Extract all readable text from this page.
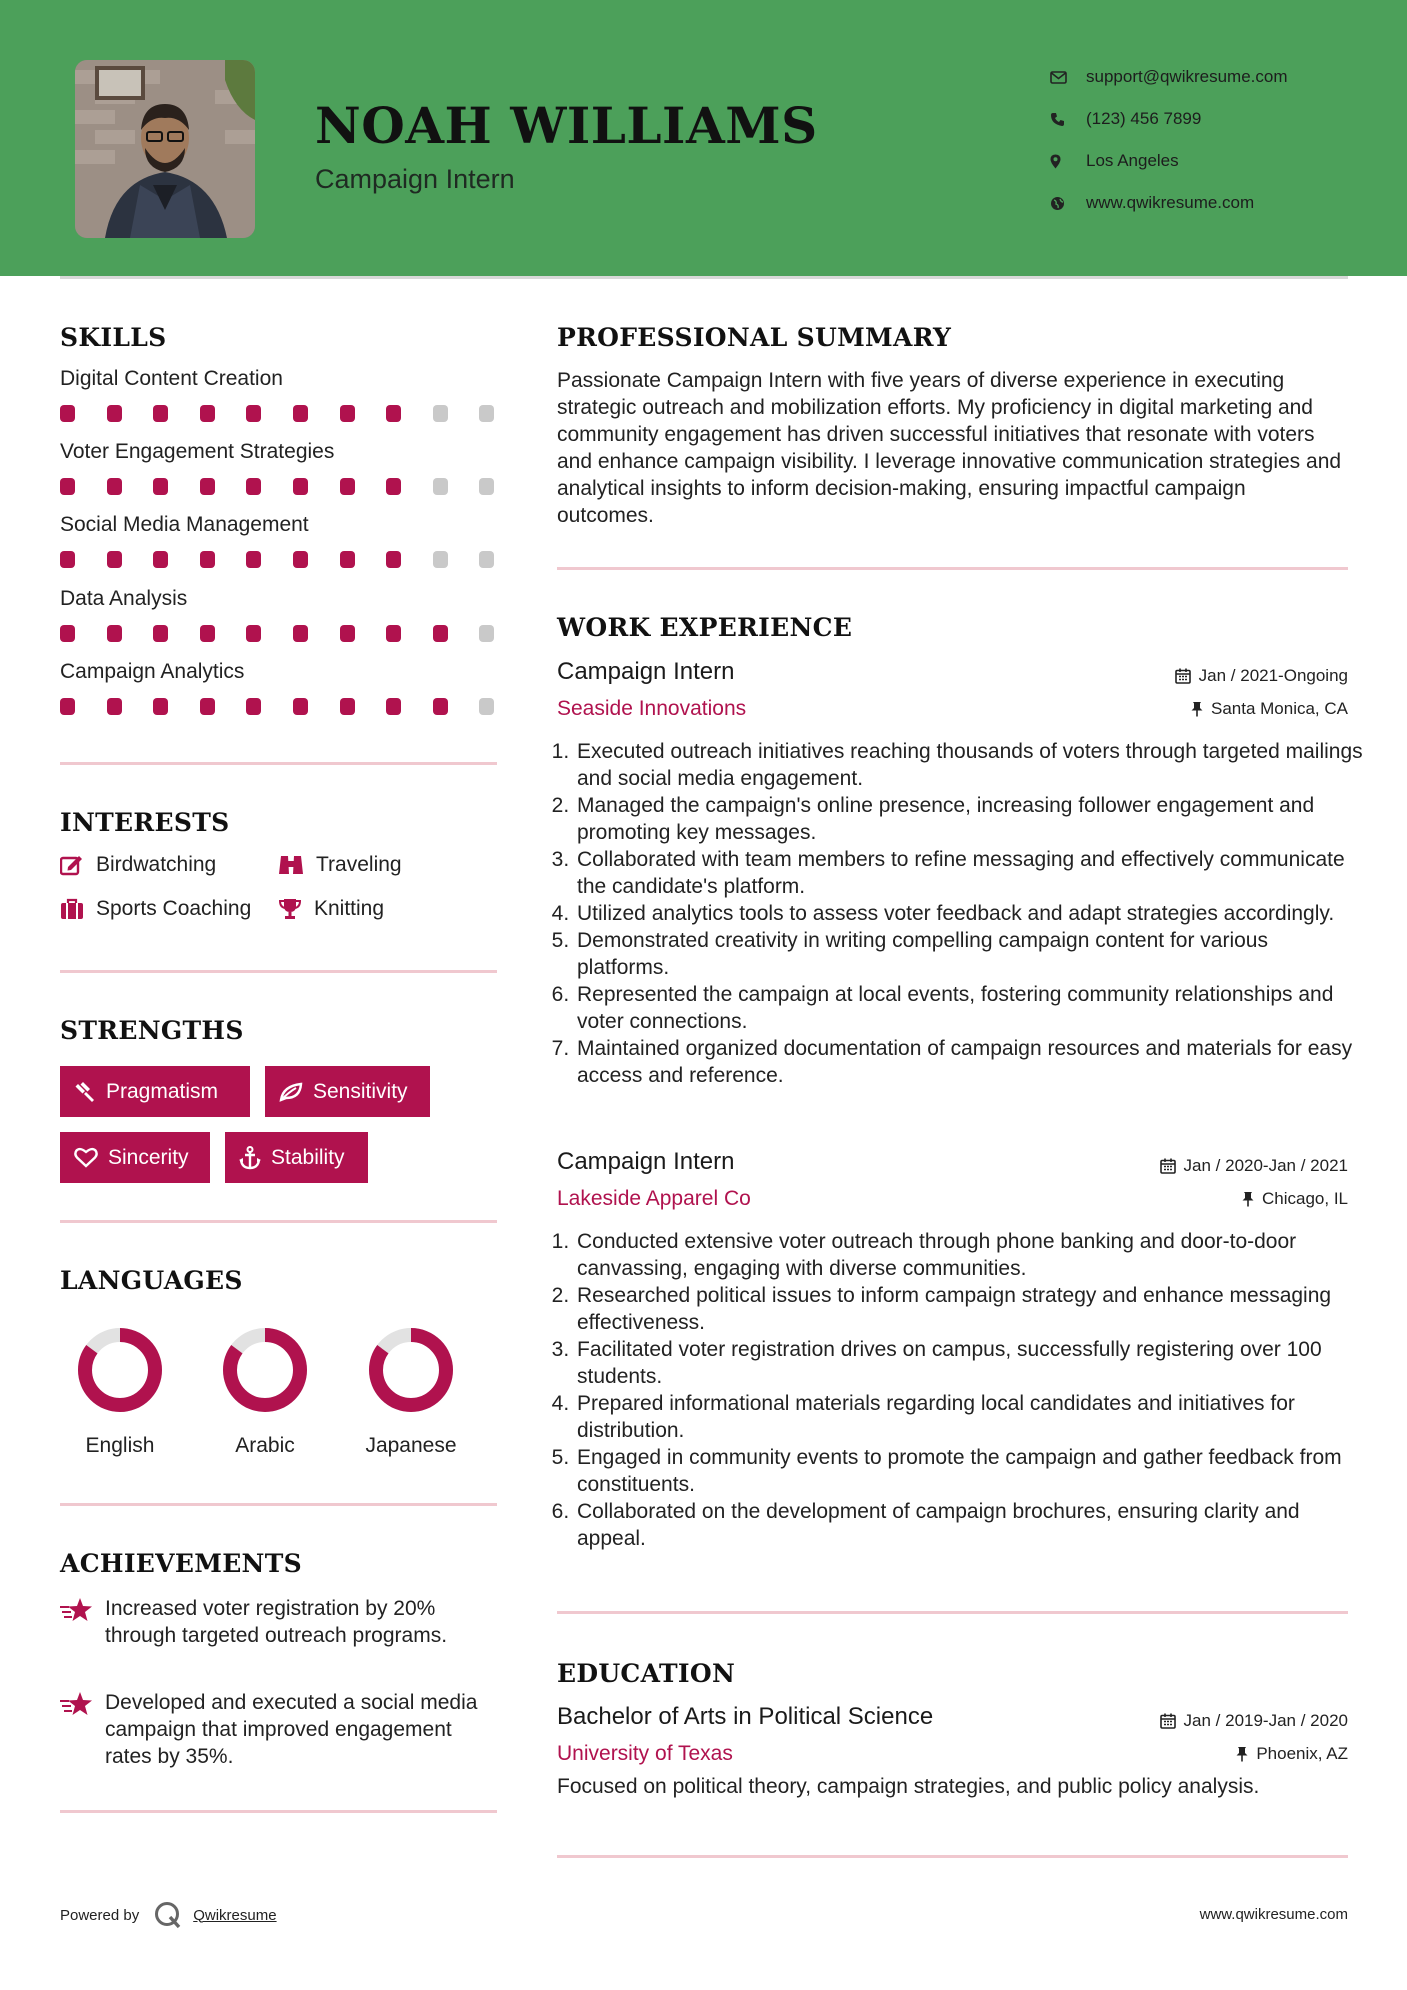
NOAH WILLIAMS
Campaign Intern
support@qwikresume.com
(123) 456 7899
Los Angeles
www.qwikresume.com
SKILLS
Digital Content Creation
Voter Engagement Strategies
Social Media Management
Data Analysis
Campaign Analytics
INTERESTS
Birdwatching	Traveling
Sports Coaching	Knitting
STRENGTHS
Pragmatism	Sensitivity
Sincerity	Stability
LANGUAGES
English	Arabic	Japanese
ACHIEVEMENTS
Increased voter registration by 20% through targeted outreach programs.
Developed and executed a social media campaign that improved engagement rates by 35%.
PROFESSIONAL SUMMARY

Passionate Campaign Intern with five years of diverse experience in executing strategic outreach and mobilization efforts. My proficiency in digital marketing and community engagement has driven successful initiatives that resonate with voters and enhance campaign visibility. I leverage innovative communication strategies and analytical insights to inform decision-making, ensuring impactful campaign outcomes.

WORK EXPERIENCE
Campaign Intern	Jan / 2021-Ongoing
Seaside Innovations	Santa Monica, CA
1. Executed outreach initiatives reaching thousands of voters through targeted mailings and social media engagement.
2. Managed the campaign's online presence, increasing follower engagement and promoting key messages.
3. Collaborated with team members to refine messaging and effectively communicate the candidate's platform.
4. Utilized analytics tools to assess voter feedback and adapt strategies accordingly.
5. Demonstrated creativity in writing compelling campaign content for various platforms.
6. Represented the campaign at local events, fostering community relationships and voter connections.
7. Maintained organized documentation of campaign resources and materials for easy access and reference.
Campaign Intern	Jan / 2020-Jan / 2021
Lakeside Apparel Co	Chicago, IL
1. Conducted extensive voter outreach through phone banking and door-to-door canvassing, engaging with diverse communities.
2. Researched political issues to inform campaign strategy and enhance messaging effectiveness.
3. Facilitated voter registration drives on campus, successfully registering over 100 students.
4. Prepared informational materials regarding local candidates and initiatives for distribution.
5. Engaged in community events to promote the campaign and gather feedback from constituents.
6. Collaborated on the development of campaign brochures, ensuring clarity and appeal.
EDUCATION
Bachelor of Arts in Political Science	Jan / 2019-Jan / 2020
University of Texas	Phoenix, AZ
Focused on political theory, campaign strategies, and public policy analysis.
Powered by	Qwikresume	www.qwikresume.com
